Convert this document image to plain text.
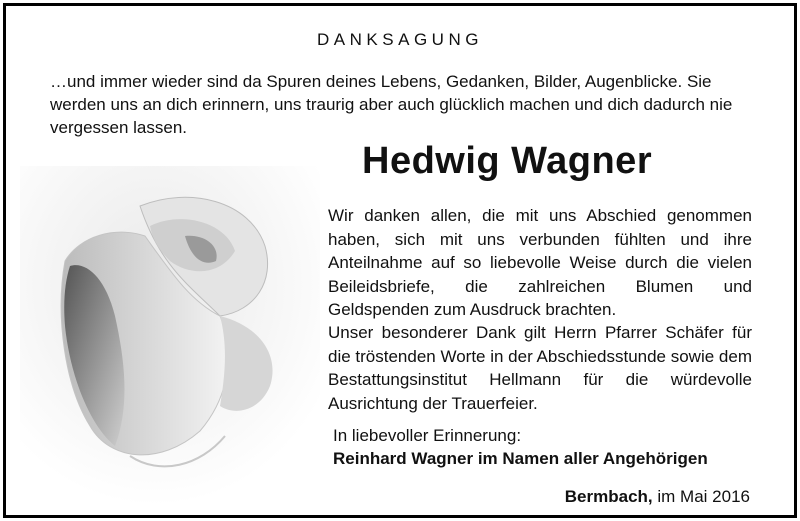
DANKSAGUNG

…und immer wieder sind da Spuren deines Lebens, Gedanken, Bilder, Augenblicke. Sie werden uns an dich erinnern, uns traurig aber auch glücklich machen und dich dadurch nie vergessen lassen.

Hedwig Wagner

Wir danken allen, die mit uns Abschied genommen haben, sich mit uns verbunden fühlten und ihre Anteilnahme auf so liebevolle Weise durch die vielen Beileidsbriefe, die zahlreichen Blumen und Geldspenden zum Ausdruck brachten.

Unser besonderer Dank gilt Herrn Pfarrer Schäfer für die tröstenden Worte in der Abschiedsstunde sowie dem Bestattungsinstitut Hellmann für die würdevolle Ausrichtung der Trauerfeier.

In liebevoller Erinnerung:

Reinhard Wagner im Namen aller Angehörigen

Bermbach, im Mai 2016
